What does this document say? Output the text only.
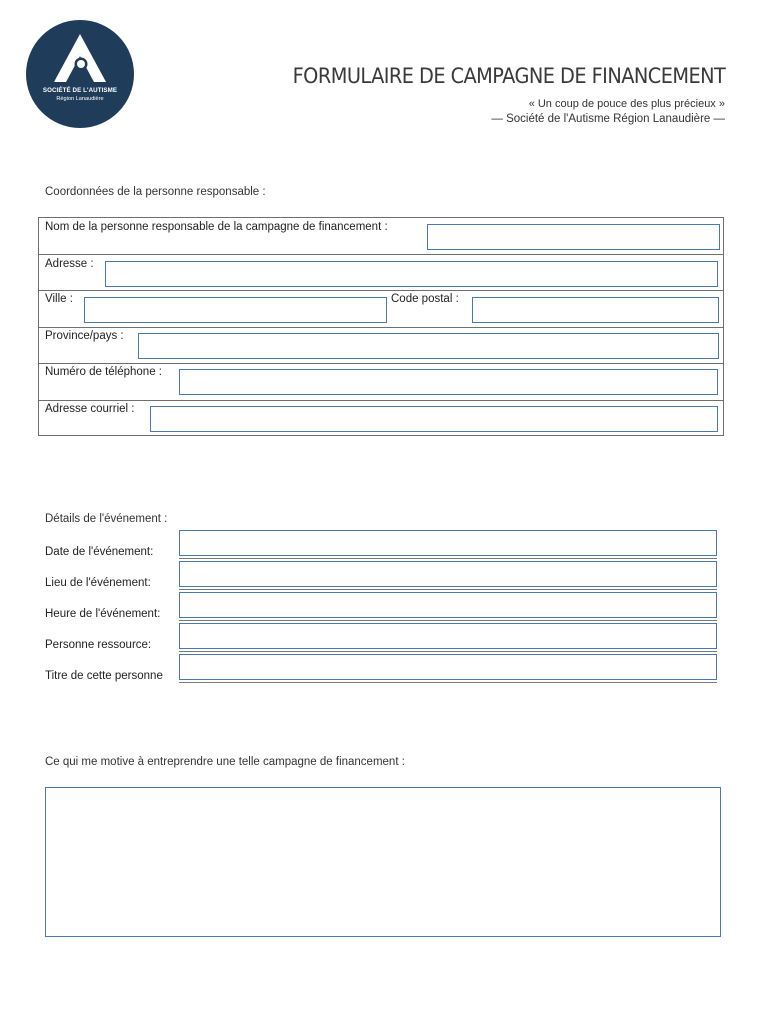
SOCIÉTÉ DE L'AUTISME
Région Lanaudière
FORMULAIRE DE CAMPAGNE DE FINANCEMENT
« Un coup de pouce des plus précieux »
— Société de l'Autisme Région Lanaudière —
Coordonnées de la personne responsable :
Nom de la personne responsable de la campagne de financement :
Adresse :
Ville :	Code postal :
Province/pays :
Numéro de téléphone :
Adresse courriel :
Détails de l'événement :
Date de l'événement:
Lieu de l'événement:
Heure de l'événement:
Personne ressource:
Titre de cette personne
Ce qui me motive à entreprendre une telle campagne de financement :
